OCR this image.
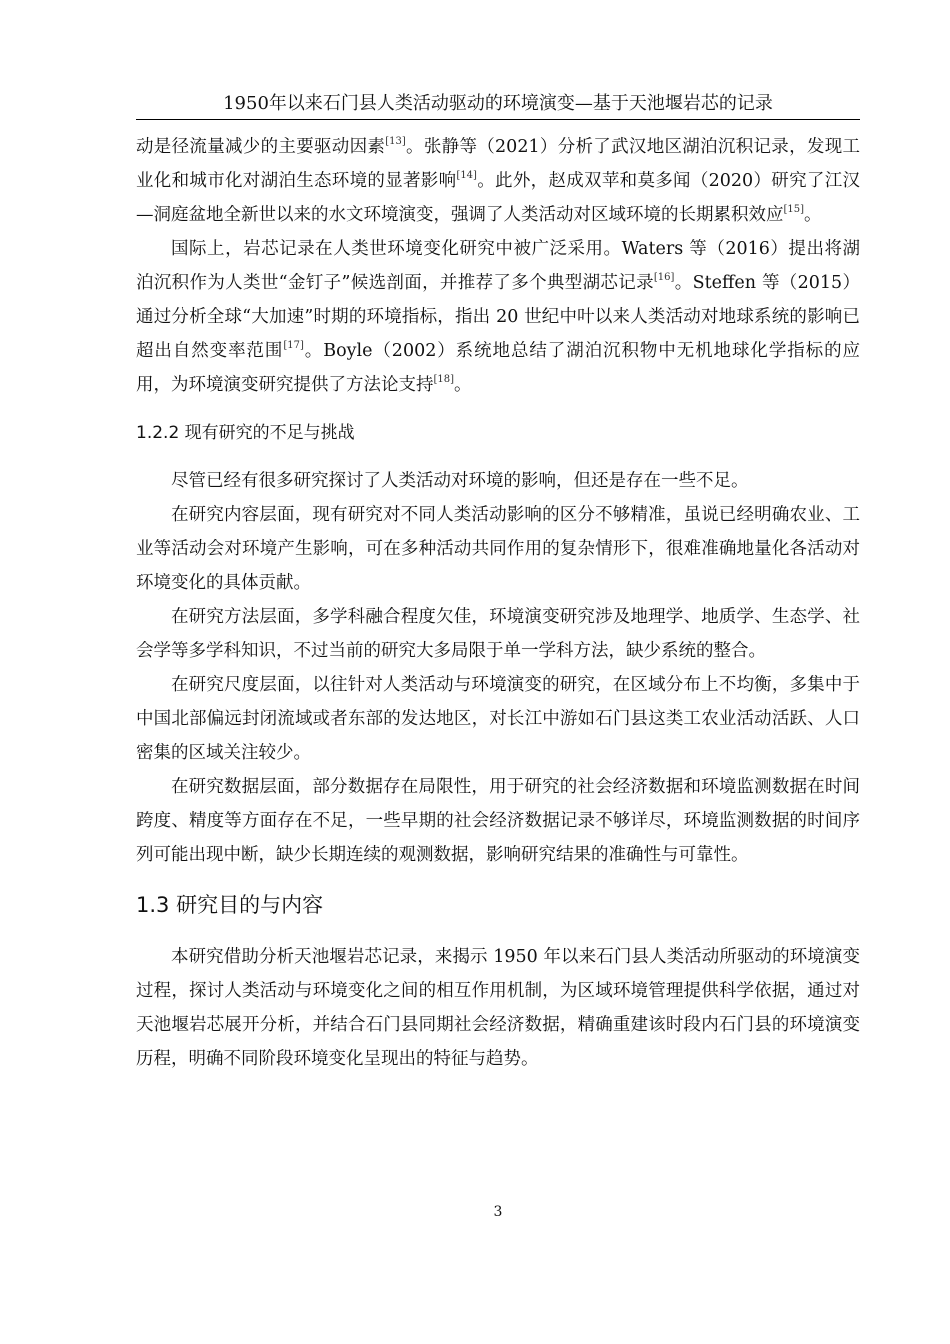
1950年以来石门县人类活动驱动的环境演变—基于天池堰岩芯的记录

动是径流量减少的主要驱动因素[13]。张静等（2021）分析了武汉地区湖泊沉积记录，发现工业化和城市化对湖泊生态环境的显著影响[14]。此外，赵成双苹和莫多闻（2020）研究了江汉—洞庭盆地全新世以来的水文环境演变，强调了人类活动对区域环境的长期累积效应[15]。

国际上，岩芯记录在人类世环境变化研究中被广泛采用。Waters 等（2016）提出将湖泊沉积作为人类世“金钉子”候选剖面，并推荐了多个典型湖芯记录[16]。Steffen 等（2015）通过分析全球“大加速”时期的环境指标，指出 20 世纪中叶以来人类活动对地球系统的影响已超出自然变率范围[17]。Boyle（2002）系统地总结了湖泊沉积物中无机地球化学指标的应用，为环境演变研究提供了方法论支持[18]。

1.2.2 现有研究的不足与挑战

尽管已经有很多研究探讨了人类活动对环境的影响，但还是存在一些不足。

在研究内容层面，现有研究对不同人类活动影响的区分不够精准，虽说已经明确农业、工业等活动会对环境产生影响，可在多种活动共同作用的复杂情形下，很难准确地量化各活动对环境变化的具体贡献。

在研究方法层面，多学科融合程度欠佳，环境演变研究涉及地理学、地质学、生态学、社会学等多学科知识，不过当前的研究大多局限于单一学科方法，缺少系统的整合。

在研究尺度层面，以往针对人类活动与环境演变的研究，在区域分布上不均衡，多集中于中国北部偏远封闭流域或者东部的发达地区，对长江中游如石门县这类工农业活动活跃、人口密集的区域关注较少。

在研究数据层面，部分数据存在局限性，用于研究的社会经济数据和环境监测数据在时间跨度、精度等方面存在不足，一些早期的社会经济数据记录不够详尽，环境监测数据的时间序列可能出现中断，缺少长期连续的观测数据，影响研究结果的准确性与可靠性。

1.3 研究目的与内容

本研究借助分析天池堰岩芯记录，来揭示 1950 年以来石门县人类活动所驱动的环境演变过程，探讨人类活动与环境变化之间的相互作用机制，为区域环境管理提供科学依据，通过对天池堰岩芯展开分析，并结合石门县同期社会经济数据，精确重建该时段内石门县的环境演变历程，明确不同阶段环境变化呈现出的特征与趋势。

3
